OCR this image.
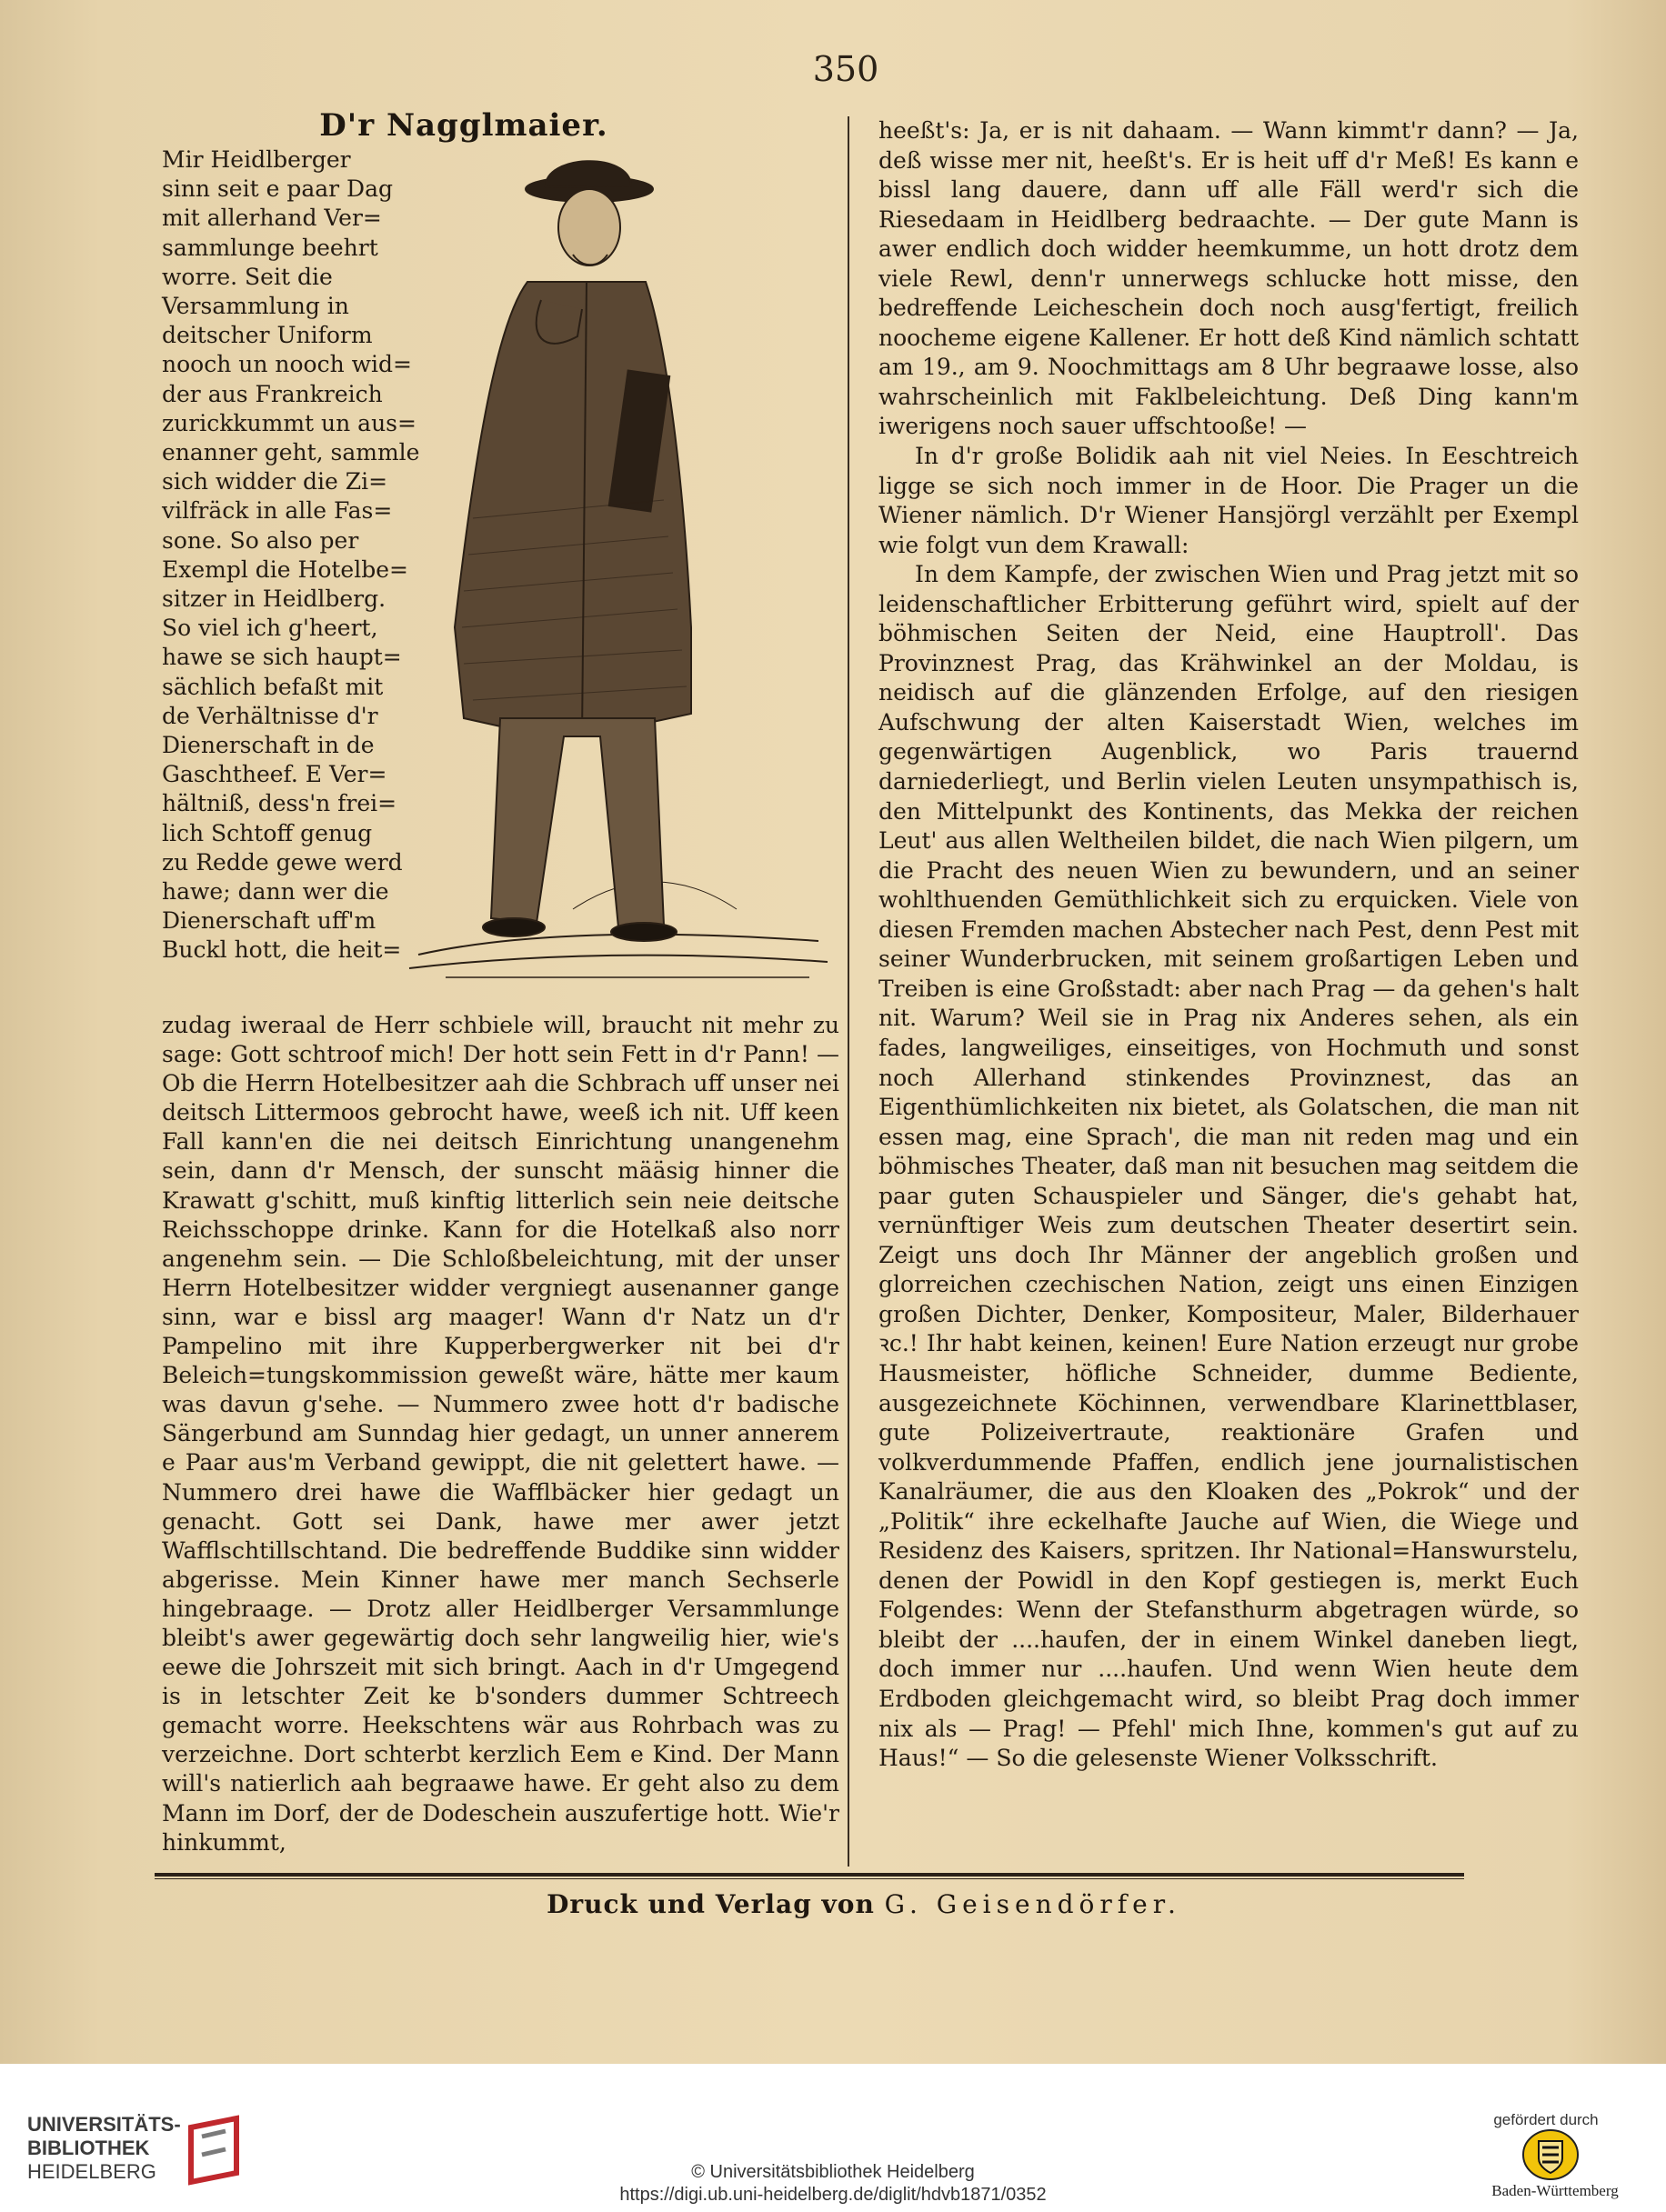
350
D'r Nagglmaier.
Mir Heidlberger
sinn seit e paar Dag
mit allerhand Ver=
sammlunge beehrt
worre. Seit die
Versammlung in
deitscher Uniform
nooch un nooch wid=
der aus Frankreich
zurickkummt un aus=
enanner geht, sammle
sich widder die Zi=
vilfräck in alle Fas=
sone. So also per
Exempl die Hotelbe=
sitzer in Heidlberg.
So viel ich g'heert,
hawe se sich haupt=
sächlich befaßt mit
de Verhältnisse d'r
Dienerschaft in de
Gaschtheef. E Ver=
hältniß, dess'n frei=
lich Schtoff genug
zu Redde gewe werd
hawe; dann wer die
Dienerschaft uff'm
Buckl hott, die heit=

zudag iweraal de Herr schbiele will, braucht nit mehr zu sage: Gott schtroof mich! Der hott sein Fett in d'r Pann! — Ob die Herrn Hotelbesitzer aah die Schbrach uff unser nei deitsch Littermoos gebrocht hawe, weeß ich nit. Uff keen Fall kann'en die nei deitsch Einrichtung unangenehm sein, dann d'r Mensch, der sunscht määsig hinner die Krawatt g'schitt, muß kinftig litterlich sein neie deitsche Reichsschoppe drinke. Kann for die Hotelkaß also norr angenehm sein. — Die Schloßbeleichtung, mit der unser Herrn Hotelbesitzer widder vergniegt ausenanner gange sinn, war e bissl arg maager! Wann d'r Natz un d'r Pampelino mit ihre Kupperbergwerker nit bei d'r Beleich=tungskommission geweßt wäre, hätte mer kaum was davun g'sehe. — Nummero zwee hott d'r badische Sängerbund am Sunndag hier gedagt, un unner annerem e Paar aus'm Verband gewippt, die nit gelettert hawe. — Nummero drei hawe die Wafflbäcker hier gedagt un genacht. Gott sei Dank, hawe mer awer jetzt Wafflschtillschtand. Die bedreffende Buddike sinn widder abgerisse. Mein Kinner hawe mer manch Sechserle hingebraage. — Drotz aller Heidlberger Versammlunge bleibt's awer gegewärtig doch sehr langweilig hier, wie's eewe die Johrszeit mit sich bringt. Aach in d'r Umgegend is in letschter Zeit ke b'sonders dummer Schtreech gemacht worre. Heekschtens wär aus Rohrbach was zu verzeichne. Dort schterbt kerzlich Eem e Kind. Der Mann will's natierlich aah begraawe hawe. Er geht also zu dem Mann im Dorf, der de Dodeschein auszufertige hott. Wie'r hinkummt,

heeßt's: Ja, er is nit dahaam. — Wann kimmt'r dann? — Ja, deß wisse mer nit, heeßt's. Er is heit uff d'r Meß! Es kann e bissl lang dauere, dann uff alle Fäll werd'r sich die Riesedaam in Heidlberg bedraachte. — Der gute Mann is awer endlich doch widder heemkumme, un hott drotz dem viele Rewl, denn'r unnerwegs schlucke hott misse, den bedreffende Leicheschein doch noch ausg'fertigt, freilich noocheme eigene Kallener. Er hott deß Kind nämlich schtatt am 19., am 9. Noochmittags am 8 Uhr begraawe losse, also wahrscheinlich mit Faklbeleichtung. Deß Ding kann'm iwerigens noch sauer uffschtooße! —

In d'r große Bolidik aah nit viel Neies. In Eeschtreich ligge se sich noch immer in de Hoor. Die Prager un die Wiener nämlich. D'r Wiener Hansjörgl verzählt per Exempl wie folgt vun dem Krawall:

In dem Kampfe, der zwischen Wien und Prag jetzt mit so leidenschaftlicher Erbitterung geführt wird, spielt auf der böhmischen Seiten der Neid, eine Hauptroll'. Das Provinznest Prag, das Krähwinkel an der Moldau, is neidisch auf die glänzenden Erfolge, auf den riesigen Aufschwung der alten Kaiserstadt Wien, welches im gegenwärtigen Augenblick, wo Paris trauernd darniederliegt, und Berlin vielen Leuten unsympathisch is, den Mittelpunkt des Kontinents, das Mekka der reichen Leut' aus allen Weltheilen bildet, die nach Wien pilgern, um die Pracht des neuen Wien zu bewundern, und an seiner wohlthuenden Gemüthlichkeit sich zu erquicken. Viele von diesen Fremden machen Abstecher nach Pest, denn Pest mit seiner Wunderbrucken, mit seinem großartigen Leben und Treiben is eine Großstadt: aber nach Prag — da gehen's halt nit. Warum? Weil sie in Prag nix Anderes sehen, als ein fades, langweiliges, einseitiges, von Hochmuth und sonst noch Allerhand stinkendes Provinznest, das an Eigenthümlichkeiten nix bietet, als Golatschen, die man nit essen mag, eine Sprach', die man nit reden mag und ein böhmisches Theater, daß man nit besuchen mag seitdem die paar guten Schauspieler und Sänger, die's gehabt hat, vernünftiger Weis zum deutschen Theater desertirt sein. Zeigt uns doch Ihr Männer der angeblich großen und glorreichen czechischen Nation, zeigt uns einen Einzigen großen Dichter, Denker, Kompositeur, Maler, Bilderhauer ꝛc.! Ihr habt keinen, keinen! Eure Nation erzeugt nur grobe Hausmeister, höfliche Schneider, dumme Bediente, ausgezeichnete Köchinnen, verwendbare Klarinettblaser, gute Polizeivertraute, reaktionäre Grafen und volkverdummende Pfaffen, endlich jene journalistischen Kanalräumer, die aus den Kloaken des „Pokrok“ und der „Politik“ ihre eckelhafte Jauche auf Wien, die Wiege und Residenz des Kaisers, spritzen. Ihr National=Hanswurstelu, denen der Powidl in den Kopf gestiegen is, merkt Euch Folgendes: Wenn der Stefansthurm abgetragen würde, so bleibt der ....haufen, der in einem Winkel daneben liegt, doch immer nur ....haufen. Und wenn Wien heute dem Erdboden gleichgemacht wird, so bleibt Prag doch immer nix als — Prag! — Pfehl' mich Ihne, kommen's gut auf zu Haus!“ — So die gelesenste Wiener Volksschrift.

Druck und Verlag von G. Geisendörfer.
UNIVERSITÄTS-
BIBLIOTHEK
HEIDELBERG	© Universitätsbibliothek Heidelberg
https://digi.ub.uni-heidelberg.de/diglit/hdvb1871/0352
gefördert durch
Baden-Württemberg
